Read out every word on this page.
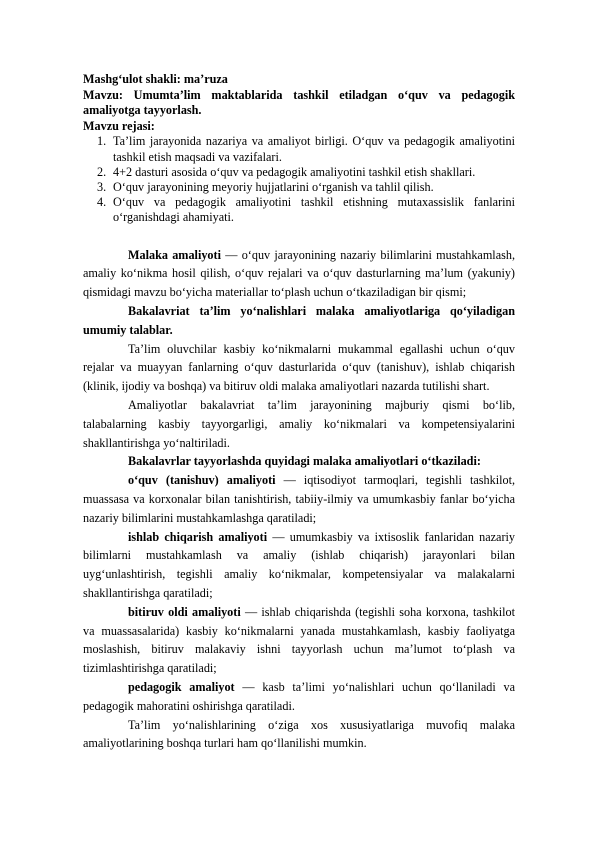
Mashg‘ulot shakli: ma’ruza
Mavzu: Umumta’lim maktablarida tashkil etiladgan o‘quv va pedagogik amaliyotga tayyorlash.
Mavzu rejasi:
1. Ta’lim jarayonida nazariya va amaliyot birligi. O‘quv va pedagogik amaliyotini tashkil etish maqsadi va vazifalari.
2. 4+2 dasturi asosida o‘quv va pedagogik amaliyotini tashkil etish shakllari.
3. O‘quv jarayonining meyoriy hujjatlarini o‘rganish va tahlil qilish.
4. O‘quv va pedagogik amaliyotini tashkil etishning mutaxassislik fanlarini o‘rganishdagi ahamiyati.

Malaka amaliyoti — o‘quv jarayonining nazariy bilimlarini mustahkamlash, amaliy ko‘nikma hosil qilish, o‘quv rejalari va o‘quv dasturlarning ma’lum (yakuniy) qismidagi mavzu bo‘yicha materiallar to‘plash uchun o‘tkaziladigan bir qismi;

Bakalavriat ta’lim yo‘nalishlari malaka amaliyotlariga qo‘yiladigan umumiy talablar.

Ta’lim oluvchilar kasbiy ko‘nikmalarni mukammal egallashi uchun o‘quv rejalar va muayyan fanlarning o‘quv dasturlarida o‘quv (tanishuv), ishlab chiqarish (klinik, ijodiy va boshqa) va bitiruv oldi malaka amaliyotlari nazarda tutilishi shart.

Amaliyotlar bakalavriat ta’lim jarayonining majburiy qismi bo‘lib, talabalarning kasbiy tayyorgarligi, amaliy ko‘nikmalari va kompetensiyalarini shakllantirishga yo‘naltiriladi.

Bakalavrlar tayyorlashda quyidagi malaka amaliyotlari o‘tkaziladi:

o‘quv (tanishuv) amaliyoti — iqtisodiyot tarmoqlari, tegishli tashkilot, muassasa va korxonalar bilan tanishtirish, tabiiy-ilmiy va umumkasbiy fanlar bo‘yicha nazariy bilimlarini mustahkamlashga qaratiladi;

ishlab chiqarish amaliyoti — umumkasbiy va ixtisoslik fanlaridan nazariy bilimlarni mustahkamlash va amaliy (ishlab chiqarish) jarayonlari bilan uyg‘unlashtirish, tegishli amaliy ko‘nikmalar, kompetensiyalar va malakalarni shakllantirishga qaratiladi;

bitiruv oldi amaliyoti — ishlab chiqarishda (tegishli soha korxona, tashkilot va muassasalarida) kasbiy ko‘nikmalarni yanada mustahkamlash, kasbiy faoliyatga moslashish, bitiruv malakaviy ishni tayyorlash uchun ma’lumot to‘plash va tizimlashtirishga qaratiladi;

pedagogik amaliyot — kasb ta’limi yo‘nalishlari uchun qo‘llaniladi va pedagogik mahoratini oshirishga qaratiladi.

Ta’lim yo‘nalishlarining o‘ziga xos xususiyatlariga muvofiq malaka amaliyotlarining boshqa turlari ham qo‘llanilishi mumkin.
